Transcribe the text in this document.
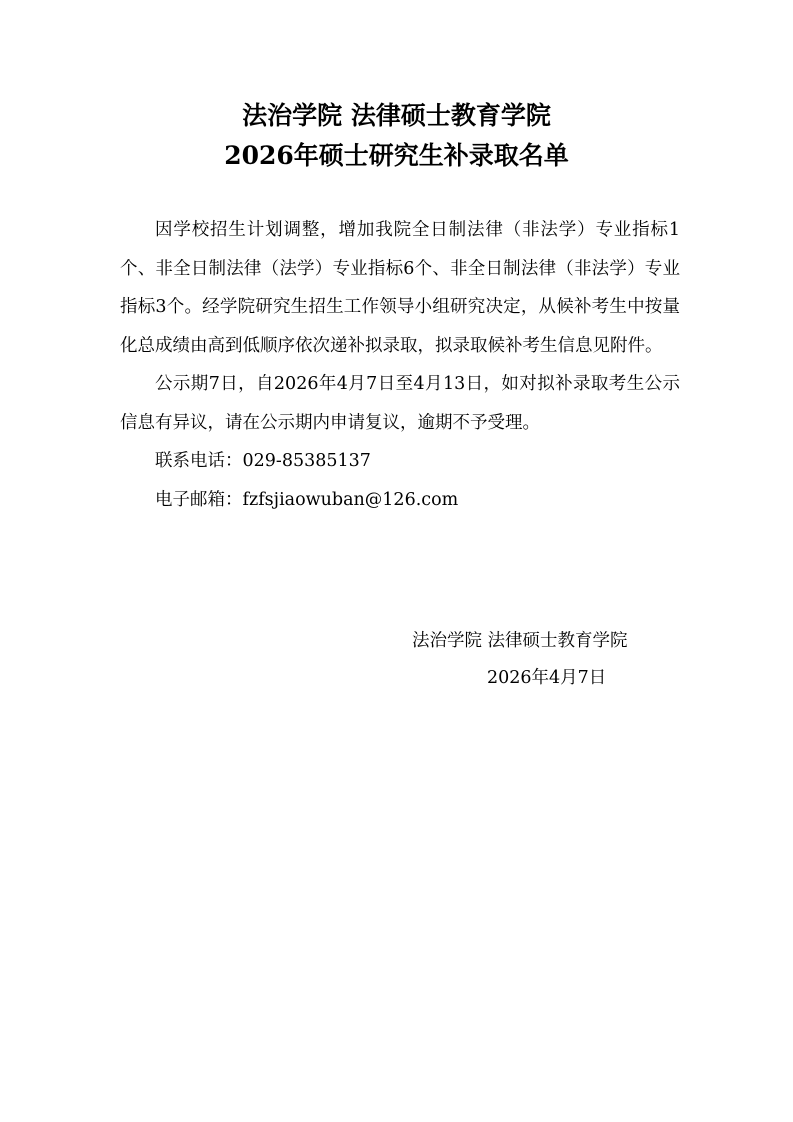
法治学院 法律硕士教育学院
2026年硕士研究生补录取名单

因学校招生计划调整，增加我院全日制法律（非法学）专业指标1个、非全日制法律（法学）专业指标6个、非全日制法律（非法学）专业指标3个。经学院研究生招生工作领导小组研究决定，从候补考生中按量化总成绩由高到低顺序依次递补拟录取，拟录取候补考生信息见附件。

公示期7日，自2026年4月7日至4月13日，如对拟补录取考生公示信息有异议，请在公示期内申请复议，逾期不予受理。

联系电话：029-85385137

电子邮箱：fzfsjiaowuban@126.com

法治学院 法律硕士教育学院
2026年4月7日
